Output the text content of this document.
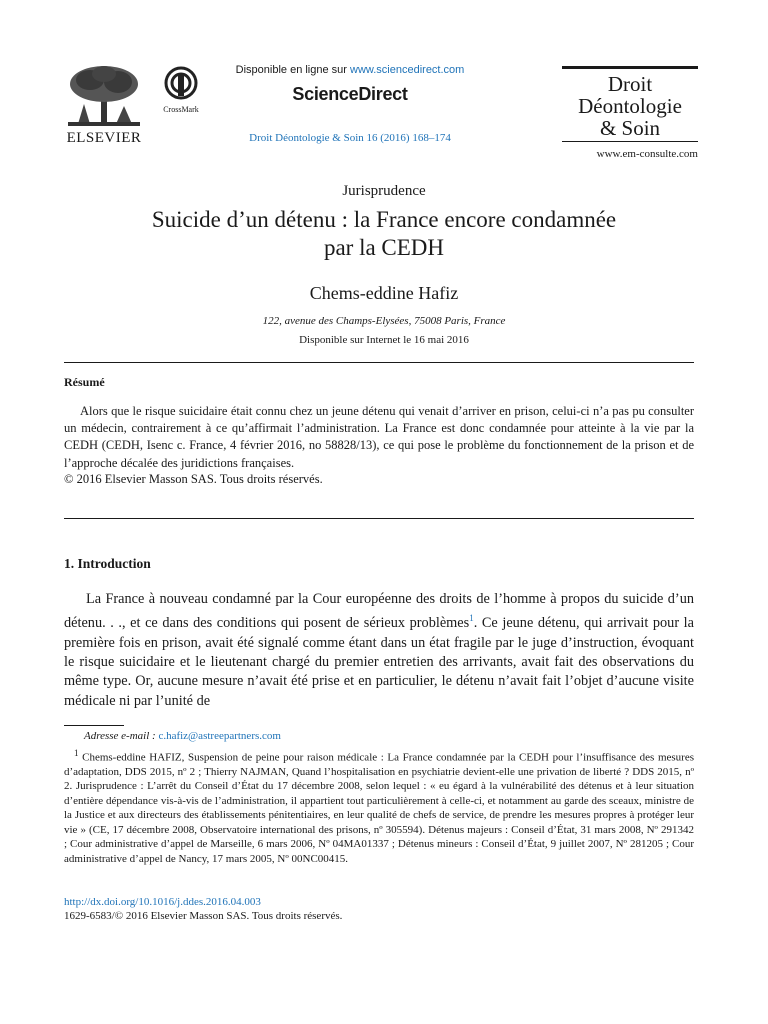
ELSEVIER
CrossMark
Disponible en ligne sur www.sciencedirect.com
ScienceDirect
Droit Déontologie & Soin 16 (2016) 168–174
Droit
Déontologie
& Soin
www.em-consulte.com
Jurisprudence
Suicide d’un détenu : la France encore condamnée
par la CEDH
Chems-eddine Hafiz
122, avenue des Champs-Elysées, 75008 Paris, France
Disponible sur Internet le 16 mai 2016
Résumé

Alors que le risque suicidaire était connu chez un jeune détenu qui venait d’arriver en prison, celui-ci n’a pas pu consulter un médecin, contrairement à ce qu’affirmait l’administration. La France est donc condamnée pour atteinte à la vie par la CEDH (CEDH, Isenc c. France, 4 février 2016, no 58828/13), ce qui pose le problème du fonctionnement de la prison et de l’approche décalée des juridictions françaises.

© 2016 Elsevier Masson SAS. Tous droits réservés.
1. Introduction

La France à nouveau condamné par la Cour européenne des droits de l’homme à propos du suicide d’un détenu. . ., et ce dans des conditions qui posent de sérieux problèmes$^1$. Ce jeune détenu, qui arrivait pour la première fois en prison, avait été signalé comme étant dans un état fragile par le juge d’instruction, évoquant le risque suicidaire et le lieutenant chargé du premier entretien des arrivants, avait fait des observations du même type. Or, aucune mesure n’avait été prise et en particulier, le détenu n’avait fait l’objet d’aucune visite médicale ni par l’unité de

Adresse e-mail : c.hafiz@astreepartners.com

$^1$ Chems-eddine HAFIZ, Suspension de peine pour raison médicale : La France condamnée par la CEDH pour l’insuffisance des mesures d’adaptation, DDS 2015, nº 2 ; Thierry NAJMAN, Quand l’hospitalisation en psychiatrie devient-elle une privation de liberté ? DDS 2015, nº 2. Jurisprudence : L’arrêt du Conseil d’État du 17 décembre 2008, selon lequel : « eu égard à la vulnérabilité des détenus et à leur situation d’entière dépendance vis-à-vis de l’administration, il appartient tout particulièrement à celle-ci, et notamment au garde des sceaux, ministre de la Justice et aux directeurs des établissements pénitentiaires, en leur qualité de chefs de service, de prendre les mesures propres à protéger leur vie » (CE, 17 décembre 2008, Observatoire international des prisons, nº 305594). Détenus majeurs : Conseil d’État, 31 mars 2008, Nº 291342 ; Cour administrative d’appel de Marseille, 6 mars 2006, Nº 04MA01337 ; Détenus mineurs : Conseil d’État, 9 juillet 2007, Nº 281205 ; Cour administrative d’appel de Nancy, 17 mars 2005, Nº 00NC00415.

http://dx.doi.org/10.1016/j.ddes.2016.04.003
1629-6583/© 2016 Elsevier Masson SAS. Tous droits réservés.
